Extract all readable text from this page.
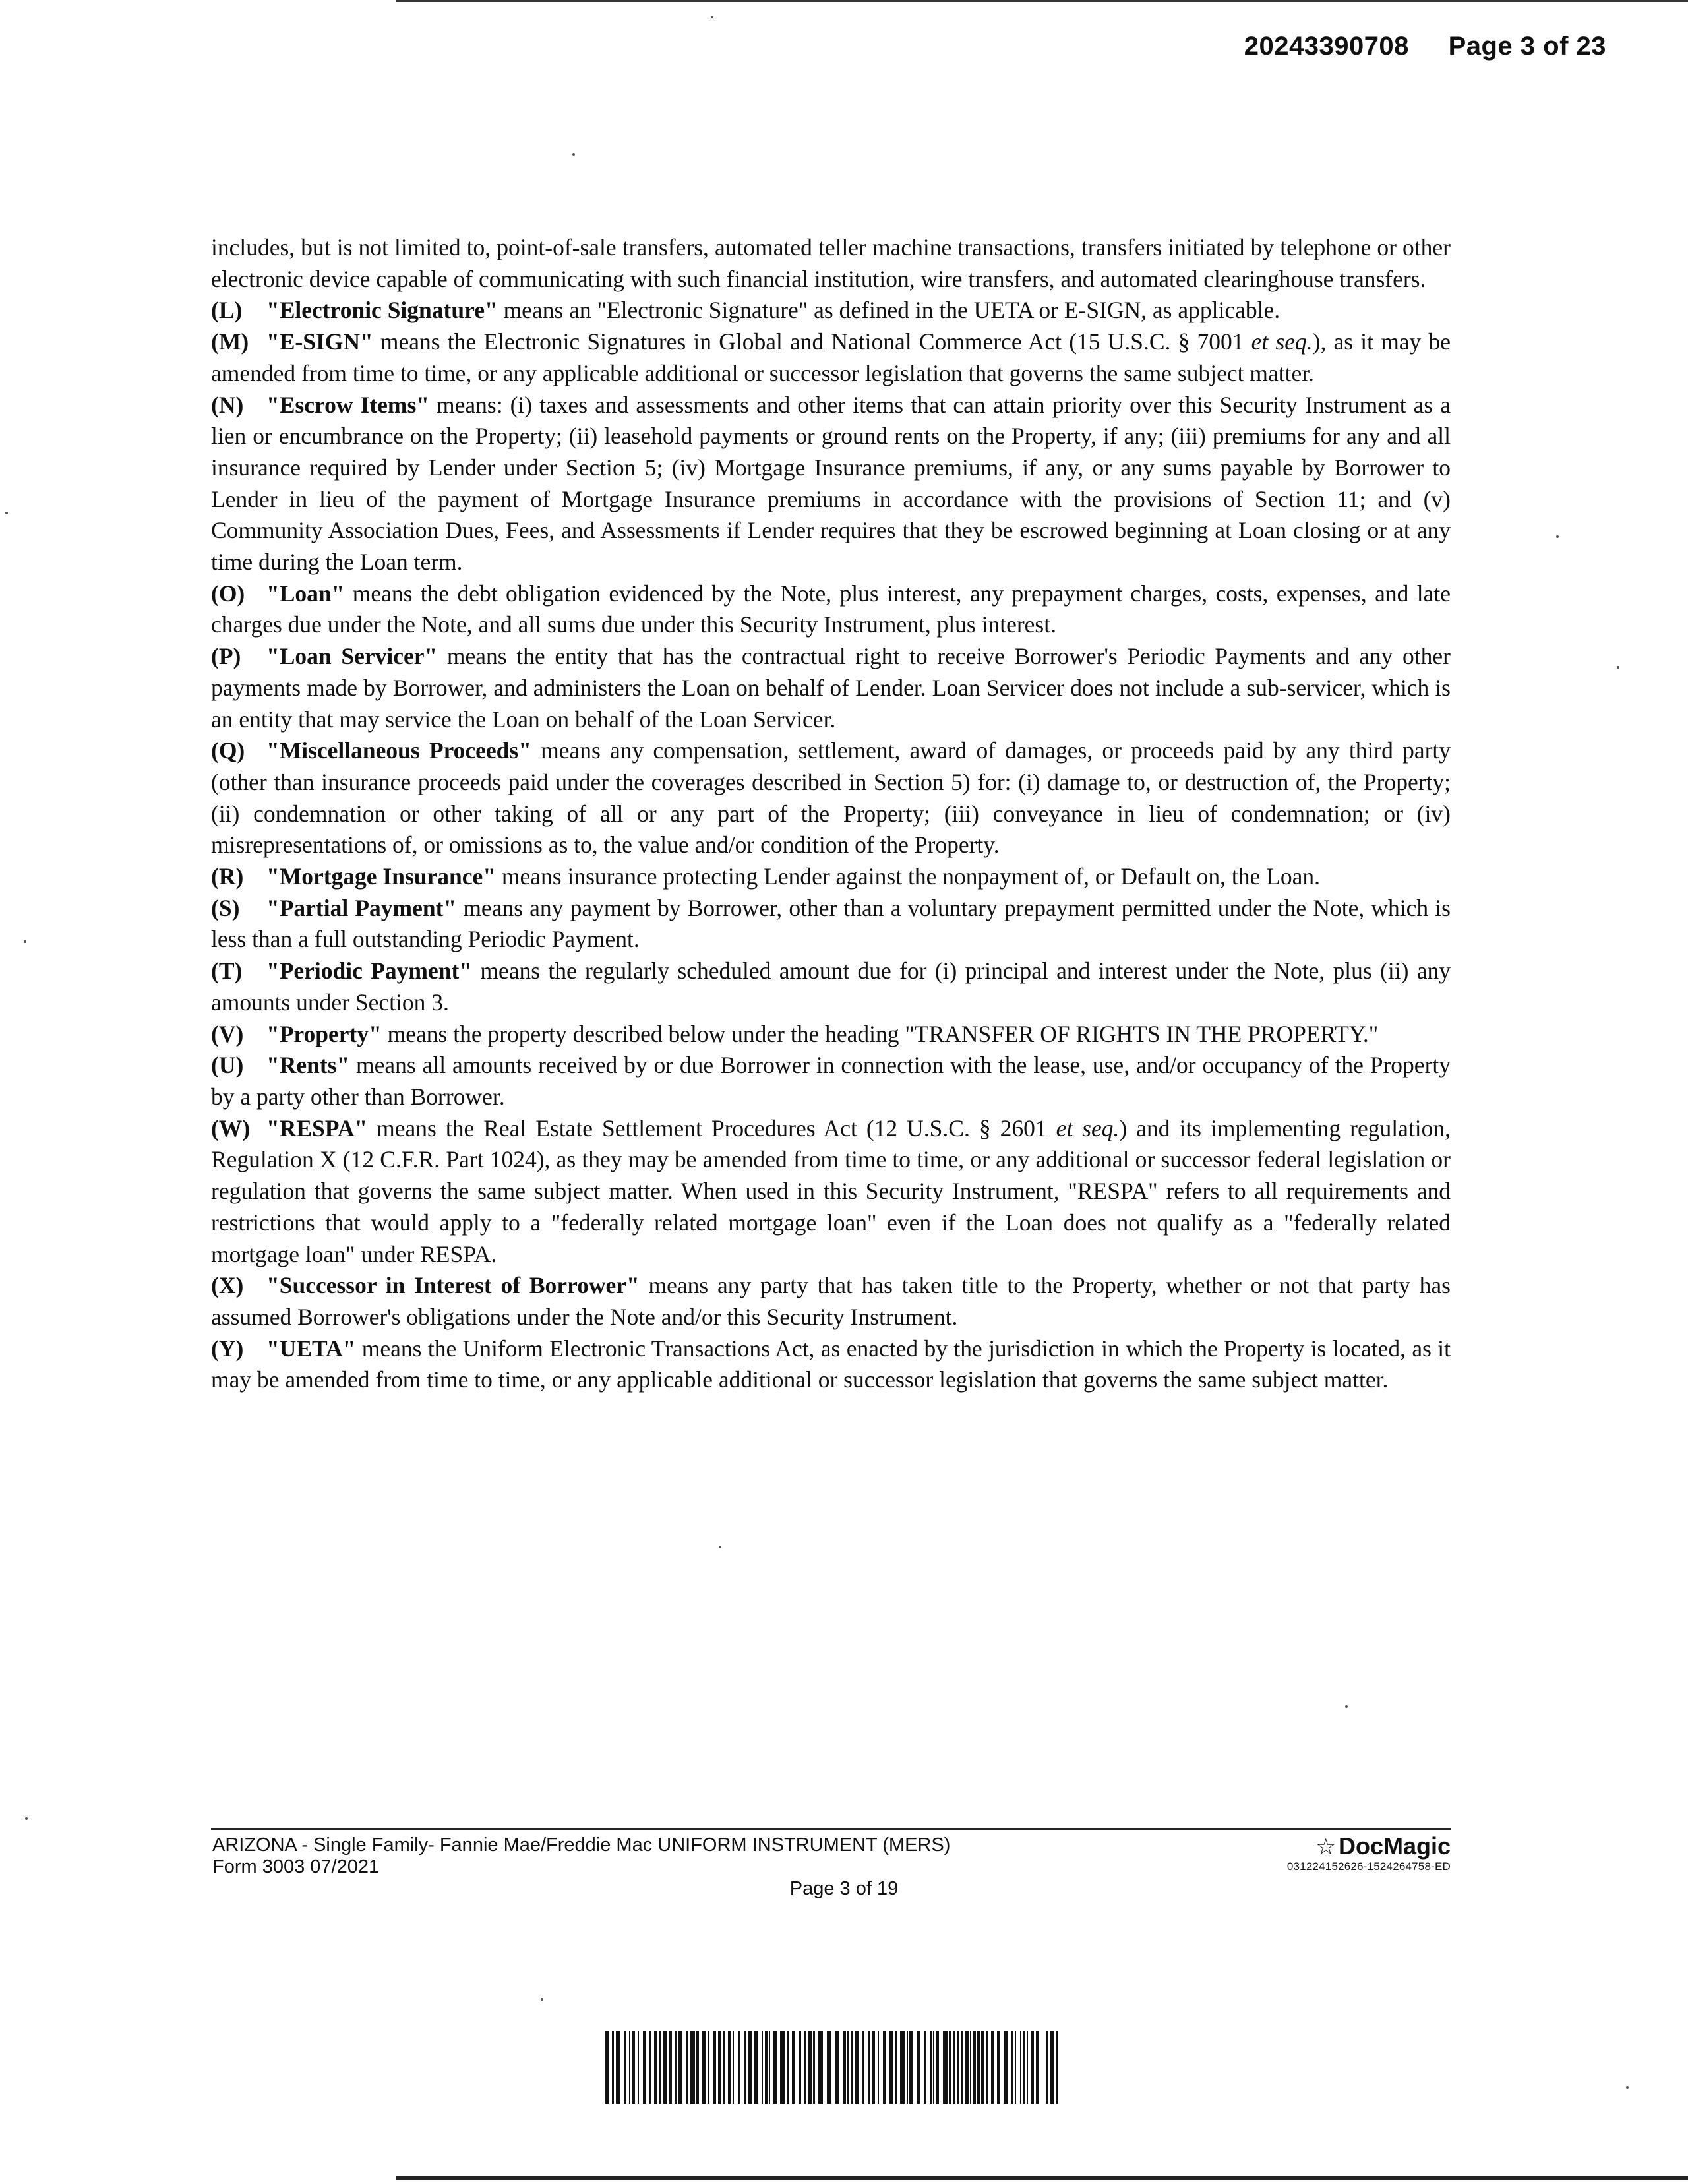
20243390708 Page 3 of 23

includes, but is not limited to, point-of-sale transfers, automated teller machine transactions, transfers initiated by telephone or other electronic device capable of communicating with such financial institution, wire transfers, and automated clearinghouse transfers.

(L) "Electronic Signature" means an "Electronic Signature" as defined in the UETA or E-SIGN, as applicable.

(M) "E-SIGN" means the Electronic Signatures in Global and National Commerce Act (15 U.S.C. § 7001 et seq.), as it may be amended from time to time, or any applicable additional or successor legislation that governs the same subject matter.

(N) "Escrow Items" means: (i) taxes and assessments and other items that can attain priority over this Security Instrument as a lien or encumbrance on the Property; (ii) leasehold payments or ground rents on the Property, if any; (iii) premiums for any and all insurance required by Lender under Section 5; (iv) Mortgage Insurance premiums, if any, or any sums payable by Borrower to Lender in lieu of the payment of Mortgage Insurance premiums in accordance with the provisions of Section 11; and (v) Community Association Dues, Fees, and Assessments if Lender requires that they be escrowed beginning at Loan closing or at any time during the Loan term.

(O) "Loan" means the debt obligation evidenced by the Note, plus interest, any prepayment charges, costs, expenses, and late charges due under the Note, and all sums due under this Security Instrument, plus interest.

(P) "Loan Servicer" means the entity that has the contractual right to receive Borrower's Periodic Payments and any other payments made by Borrower, and administers the Loan on behalf of Lender. Loan Servicer does not include a sub-servicer, which is an entity that may service the Loan on behalf of the Loan Servicer.

(Q) "Miscellaneous Proceeds" means any compensation, settlement, award of damages, or proceeds paid by any third party (other than insurance proceeds paid under the coverages described in Section 5) for: (i) damage to, or destruction of, the Property; (ii) condemnation or other taking of all or any part of the Property; (iii) conveyance in lieu of condemnation; or (iv) misrepresentations of, or omissions as to, the value and/or condition of the Property.

(R) "Mortgage Insurance" means insurance protecting Lender against the nonpayment of, or Default on, the Loan.

(S) "Partial Payment" means any payment by Borrower, other than a voluntary prepayment permitted under the Note, which is less than a full outstanding Periodic Payment.

(T) "Periodic Payment" means the regularly scheduled amount due for (i) principal and interest under the Note, plus (ii) any amounts under Section 3.

(V) "Property" means the property described below under the heading "TRANSFER OF RIGHTS IN THE PROPERTY."

(U) "Rents" means all amounts received by or due Borrower in connection with the lease, use, and/or occupancy of the Property by a party other than Borrower.

(W) "RESPA" means the Real Estate Settlement Procedures Act (12 U.S.C. § 2601 et seq.) and its implementing regulation, Regulation X (12 C.F.R. Part 1024), as they may be amended from time to time, or any additional or successor federal legislation or regulation that governs the same subject matter. When used in this Security Instrument, "RESPA" refers to all requirements and restrictions that would apply to a "federally related mortgage loan" even if the Loan does not qualify as a "federally related mortgage loan" under RESPA.

(X) "Successor in Interest of Borrower" means any party that has taken title to the Property, whether or not that party has assumed Borrower's obligations under the Note and/or this Security Instrument.

(Y) "UETA" means the Uniform Electronic Transactions Act, as enacted by the jurisdiction in which the Property is located, as it may be amended from time to time, or any applicable additional or successor legislation that governs the same subject matter.

ARIZONA - Single Family- Fannie Mae/Freddie Mac UNIFORM INSTRUMENT (MERS)
Form 3003 07/2021
Page 3 of 19
☆ DocMagic
031224152626-1524264758-ED
